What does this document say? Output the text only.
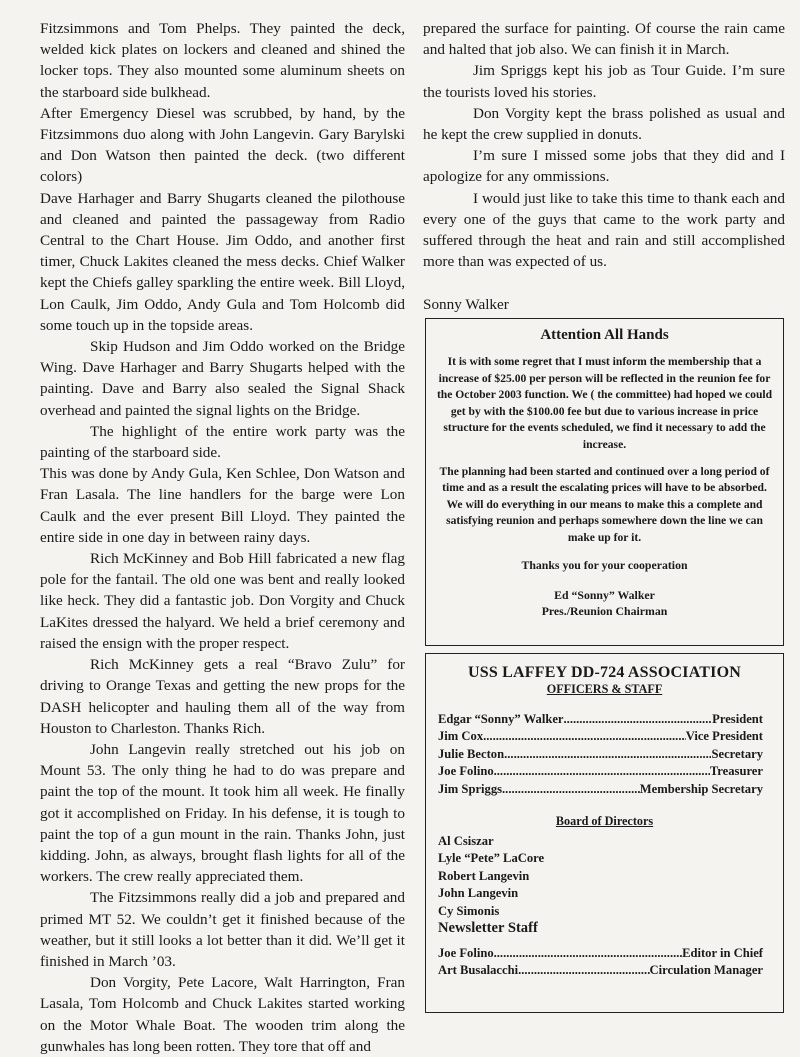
Fitzsimmons and Tom Phelps. They painted the deck, welded kick plates on lockers and cleaned and shined the locker tops. They also mounted some aluminum sheets on the starboard side bulkhead.

After Emergency Diesel was scrubbed, by hand, by the Fitzsimmons duo along with John Langevin. Gary Barylski and Don Watson then painted the deck. (two different colors)

Dave Harhager and Barry Shugarts cleaned the pilothouse and cleaned and painted the passageway from Radio Central to the Chart House. Jim Oddo, and another first timer, Chuck Lakites cleaned the mess decks. Chief Walker kept the Chiefs galley sparkling the entire week. Bill Lloyd, Lon Caulk, Jim Oddo, Andy Gula and Tom Holcomb did some touch up in the topside areas.

Skip Hudson and Jim Oddo worked on the Bridge Wing. Dave Harhager and Barry Shugarts helped with the painting. Dave and Barry also sealed the Signal Shack overhead and painted the signal lights on the Bridge.

The highlight of the entire work party was the painting of the starboard side.

This was done by Andy Gula, Ken Schlee, Don Watson and Fran Lasala. The line handlers for the barge were Lon Caulk and the ever present Bill Lloyd. They painted the entire side in one day in between rainy days.

Rich McKinney and Bob Hill fabricated a new flag pole for the fantail. The old one was bent and really looked like heck. They did a fantastic job. Don Vorgity and Chuck LaKites dressed the halyard. We held a brief ceremony and raised the ensign with the proper respect.

Rich McKinney gets a real “Bravo Zulu” for driving to Orange Texas and getting the new props for the DASH helicopter and hauling them all of the way from Houston to Charleston. Thanks Rich.

John Langevin really stretched out his job on Mount 53. The only thing he had to do was prepare and paint the top of the mount. It took him all week. He finally got it accomplished on Friday. In his defense, it is tough to paint the top of a gun mount in the rain. Thanks John, just kidding. John, as always, brought flash lights for all of the workers. The crew really appreciated them.

The Fitzsimmons really did a job and prepared and primed MT 52. We couldn’t get it finished because of the weather, but it still looks a lot better than it did. We’ll get it finished in March ’03.

Don Vorgity, Pete Lacore, Walt Harrington, Fran Lasala, Tom Holcomb and Chuck Lakites started working on the Motor Whale Boat. The wooden trim along the gunwhales has long been rotten. They tore that off and

prepared the surface for painting. Of course the rain came and halted that job also. We can finish it in March.

Jim Spriggs kept his job as Tour Guide. I’m sure the tourists loved his stories.

Don Vorgity kept the brass polished as usual and he kept the crew supplied in donuts.

I’m sure I missed some jobs that they did and I apologize for any ommissions.

I would just like to take this time to thank each and every one of the guys that came to the work party and suffered through the heat and rain and still accomplished more than was expected of us.

Sonny Walker

Attention All Hands

It is with some regret that I must inform the membership that a increase of $25.00 per person will be reflected in the reunion fee for the October 2003 function. We ( the committee) had hoped we could get by with the $100.00 fee but due to various increase in price structure for the events scheduled, we find it necessary to add the increase.

The planning had been started and continued over a long period of time and as a result the escalating prices will have to be absorbed. We will do everything in our means to make this a complete and satisfying reunion and perhaps somewhere down the line we can make up for it.

Thanks you for your cooperation

Ed “Sonny” Walker

Pres./Reunion Chairman

USS LAFFEY DD-724 ASSOCIATION

OFFICERS & STAFF

Edgar “Sonny” Walker .....	President
Jim Cox .....	Vice President
Julie Becton .....	Secretary
Joe Folino .....	Treasurer
Jim Spriggs .....	Membership Secretary

Board of Directors

Al Csiszar

Lyle “Pete” LaCore

Robert Langevin

John Langevin

Cy Simonis

Newsletter Staff

Joe Folino .....	Editor in Chief
Art Busalacchi .....	Circulation Manager
